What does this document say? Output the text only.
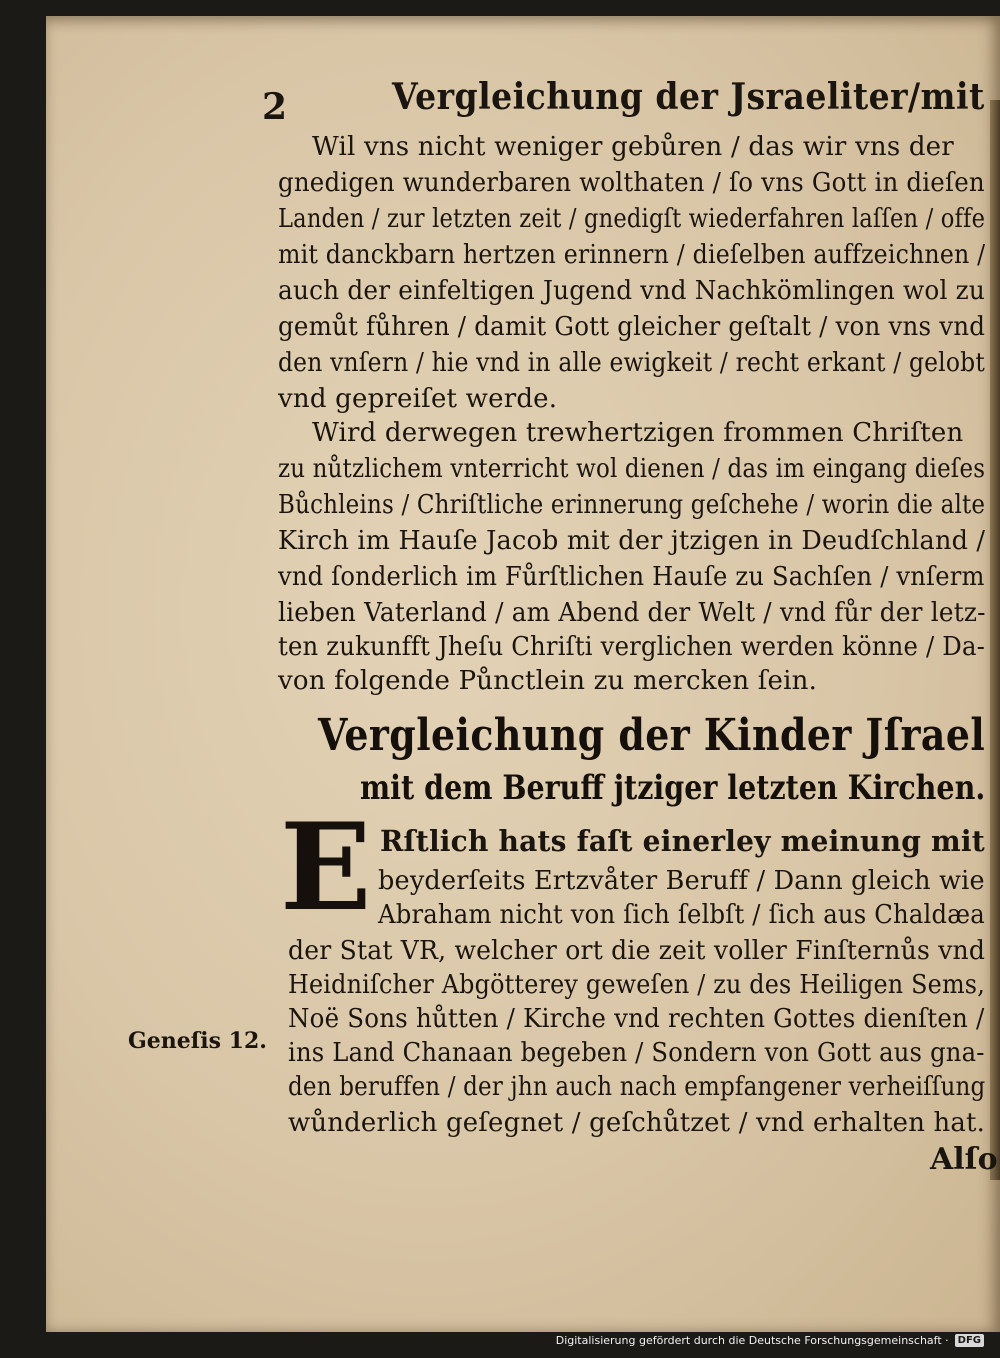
2	Vergleichung der Jsraeliter/mit
Wil vns nicht weniger gebůren / das wir vns der
gnedigen wunderbaren wolthaten / ſo vns Gott in dieſen
Landen / zur letzten zeit / gnedigſt wiederfahren laſſen / offe
mit danckbarn hertzen erinnern / dieſelben auffzeichnen /
auch der einfeltigen Jugend vnd Nachkömlingen wol zu
gemůt fůhren / damit Gott gleicher geſtalt / von vns vnd
den vnſern / hie vnd in alle ewigkeit / recht erkant / gelobt
vnd gepreiſet werde.
Wird derwegen trewhertzigen frommen Chriſten
zu nůtzlichem vnterricht wol dienen / das im eingang dieſes
Bůchleins / Chriſtliche erinnerung geſchehe / worin die alte
Kirch im Hauſe Jacob mit der jtzigen in Deudſchland /
vnd ſonderlich im Fůrſtlichen Hauſe zu Sachſen / vnſerm
lieben Vaterland / am Abend der Welt / vnd fůr der letz-
ten zukunfft Jheſu Chriſti verglichen werden könne / Da-
von folgende Půnctlein zu mercken ſein.
Vergleichung der Kinder Jſrael
mit dem Beruff jtziger letzten Kirchen.
E Rſtlich hats faſt einerley meinung mit
beyderſeits Ertzvåter Beruff / Dann gleich wie
Abraham nicht von ſich ſelbſt / ſich aus Chaldæa
der Stat VR, welcher ort die zeit voller Finſternůs vnd
Heidniſcher Abgötterey geweſen / zu des Heiligen Sems,
Noë Sons hůtten / Kirche vnd rechten Gottes dienſten /
ins Land Chanaan begeben / Sondern von Gott aus gna-
den beruffen / der jhn auch nach empfangener verheiſſung
wůnderlich geſegnet / geſchůtzet / vnd erhalten hat.
Geneſis 12.
Alſo
Digitalisierung gefördert durch die Deutsche Forschungsgemeinschaft · DFG
